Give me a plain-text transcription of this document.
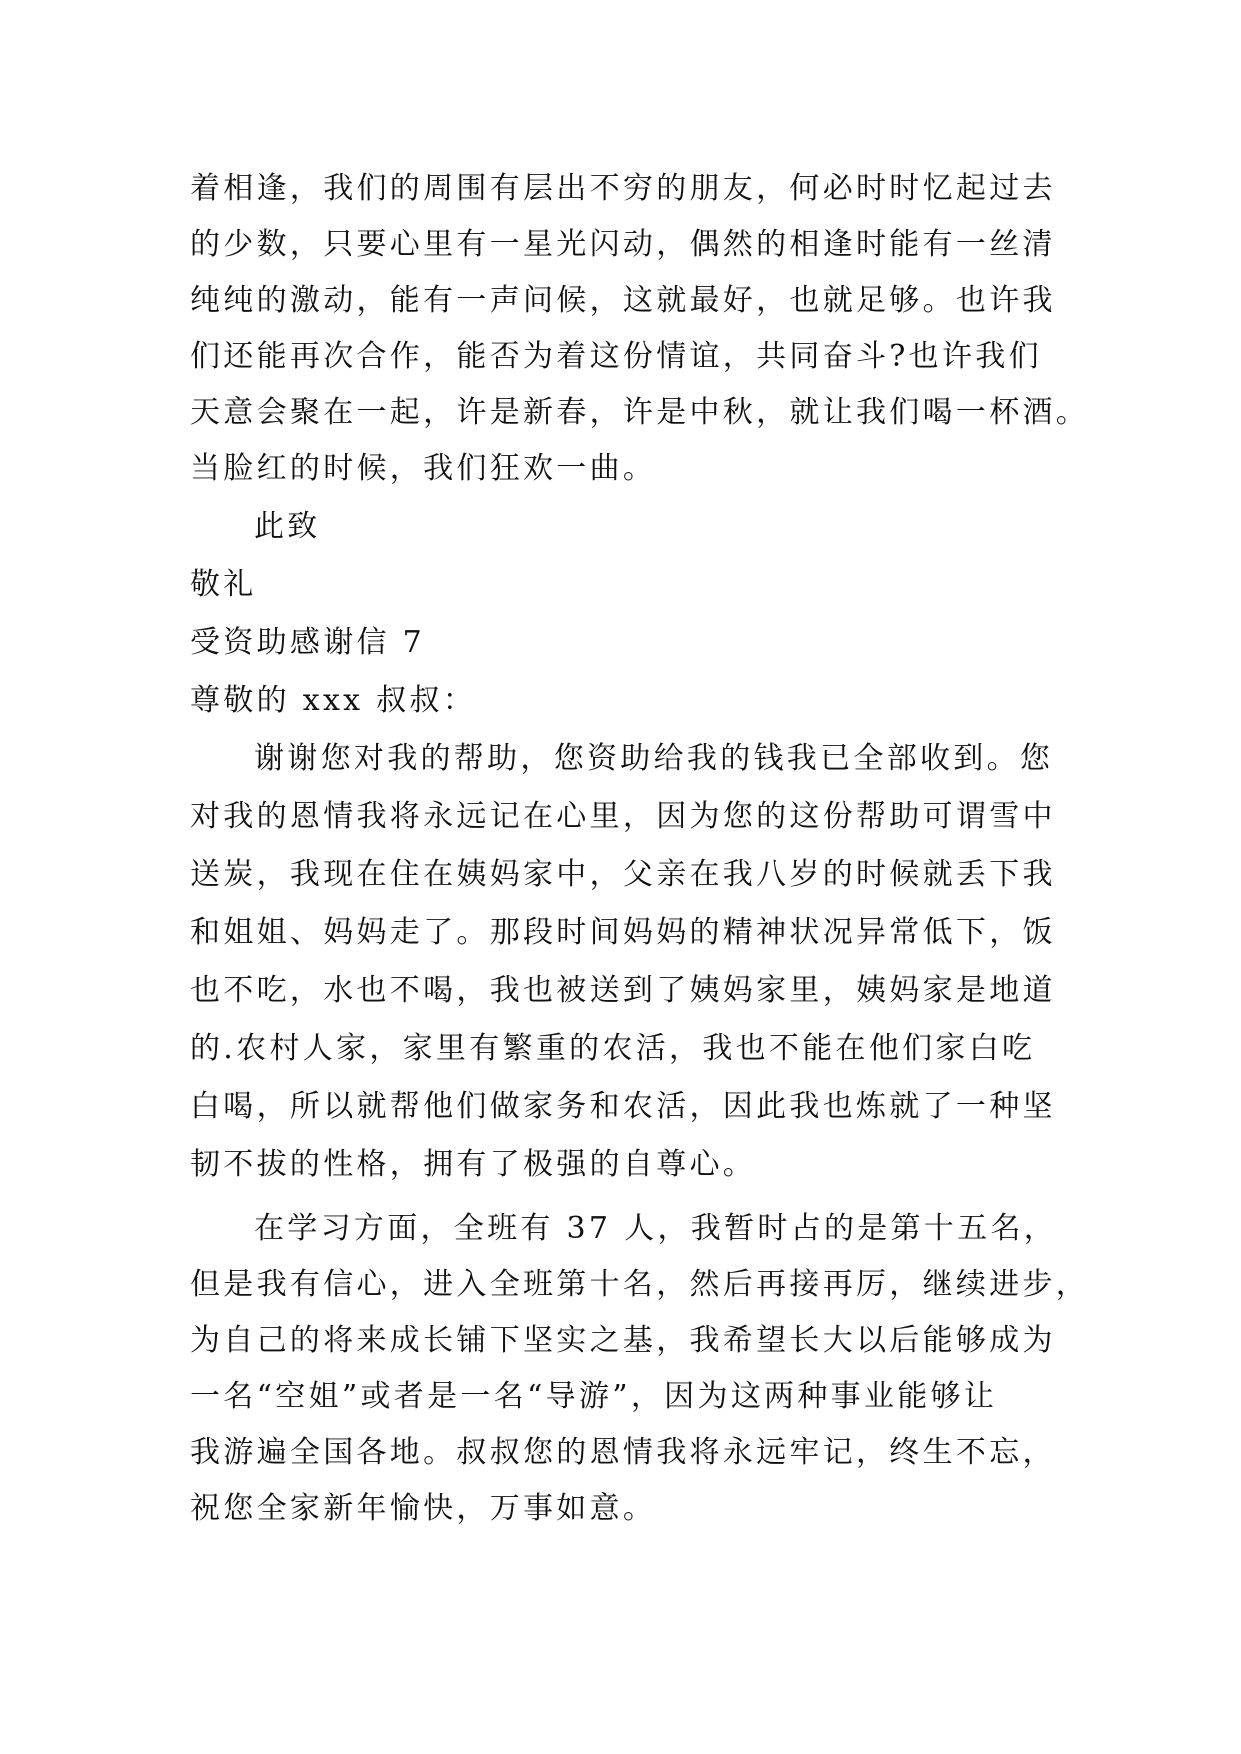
着相逢，我们的周围有层出不穷的朋友，何必时时忆起过去
的少数，只要心里有一星光闪动，偶然的相逢时能有一丝清
纯纯的激动，能有一声问候，这就最好，也就足够。也许我
们还能再次合作，能否为着这份情谊，共同奋斗?也许我们
天意会聚在一起，许是新春，许是中秋，就让我们喝一杯酒。
当脸红的时候，我们狂欢一曲。
此致
敬礼
受资助感谢信 7
尊敬的 xxx 叔叔：
谢谢您对我的帮助，您资助给我的钱我已全部收到。您
对我的恩情我将永远记在心里，因为您的这份帮助可谓雪中
送炭，我现在住在姨妈家中，父亲在我八岁的时候就丢下我
和姐姐、妈妈走了。那段时间妈妈的精神状况异常低下，饭
也不吃，水也不喝，我也被送到了姨妈家里，姨妈家是地道
的.农村人家，家里有繁重的农活，我也不能在他们家白吃
白喝，所以就帮他们做家务和农活，因此我也炼就了一种坚
韧不拔的性格，拥有了极强的自尊心。
在学习方面，全班有 37 人，我暂时占的是第十五名，
但是我有信心，进入全班第十名，然后再接再厉，继续进步，
为自己的将来成长铺下坚实之基，我希望长大以后能够成为
一名“空姐”或者是一名“导游”，因为这两种事业能够让
我游遍全国各地。叔叔您的恩情我将永远牢记，终生不忘，
祝您全家新年愉快，万事如意。
